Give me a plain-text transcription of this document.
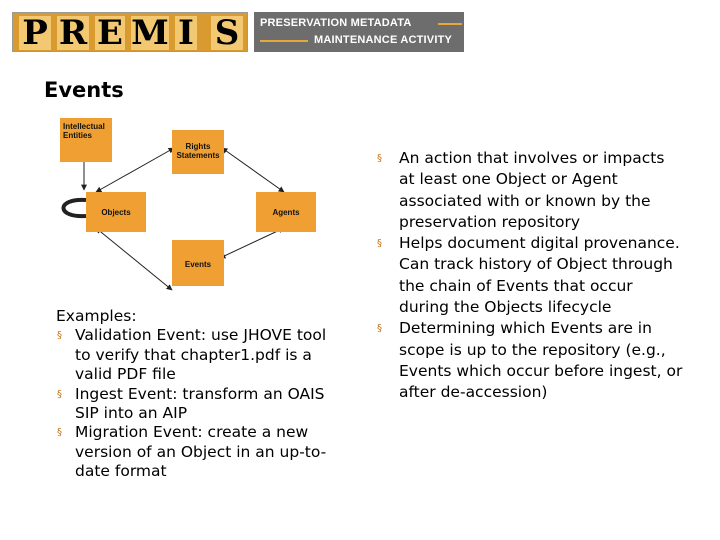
P R E M I S	PRESERVATION METADATA
MAINTENANCE ACTIVITY
Events
Intellectual
Entities
Rights
Statements
Objects	Agents
Events
Examples:
§ Validation Event: use JHOVE tool to verify that chapter1.pdf is a valid PDF file
§ Ingest Event: transform an OAIS SIP into an AIP
§ Migration Event: create a new version of an Object in an up-to-date format
§ An action that involves or impacts at least one Object or Agent associated with or known by the preservation repository
§ Helps document digital provenance. Can track history of Object through the chain of Events that occur during the Objects lifecycle
§ Determining which Events are in scope is up to the repository (e.g., Events which occur before ingest, or after de-accession)
